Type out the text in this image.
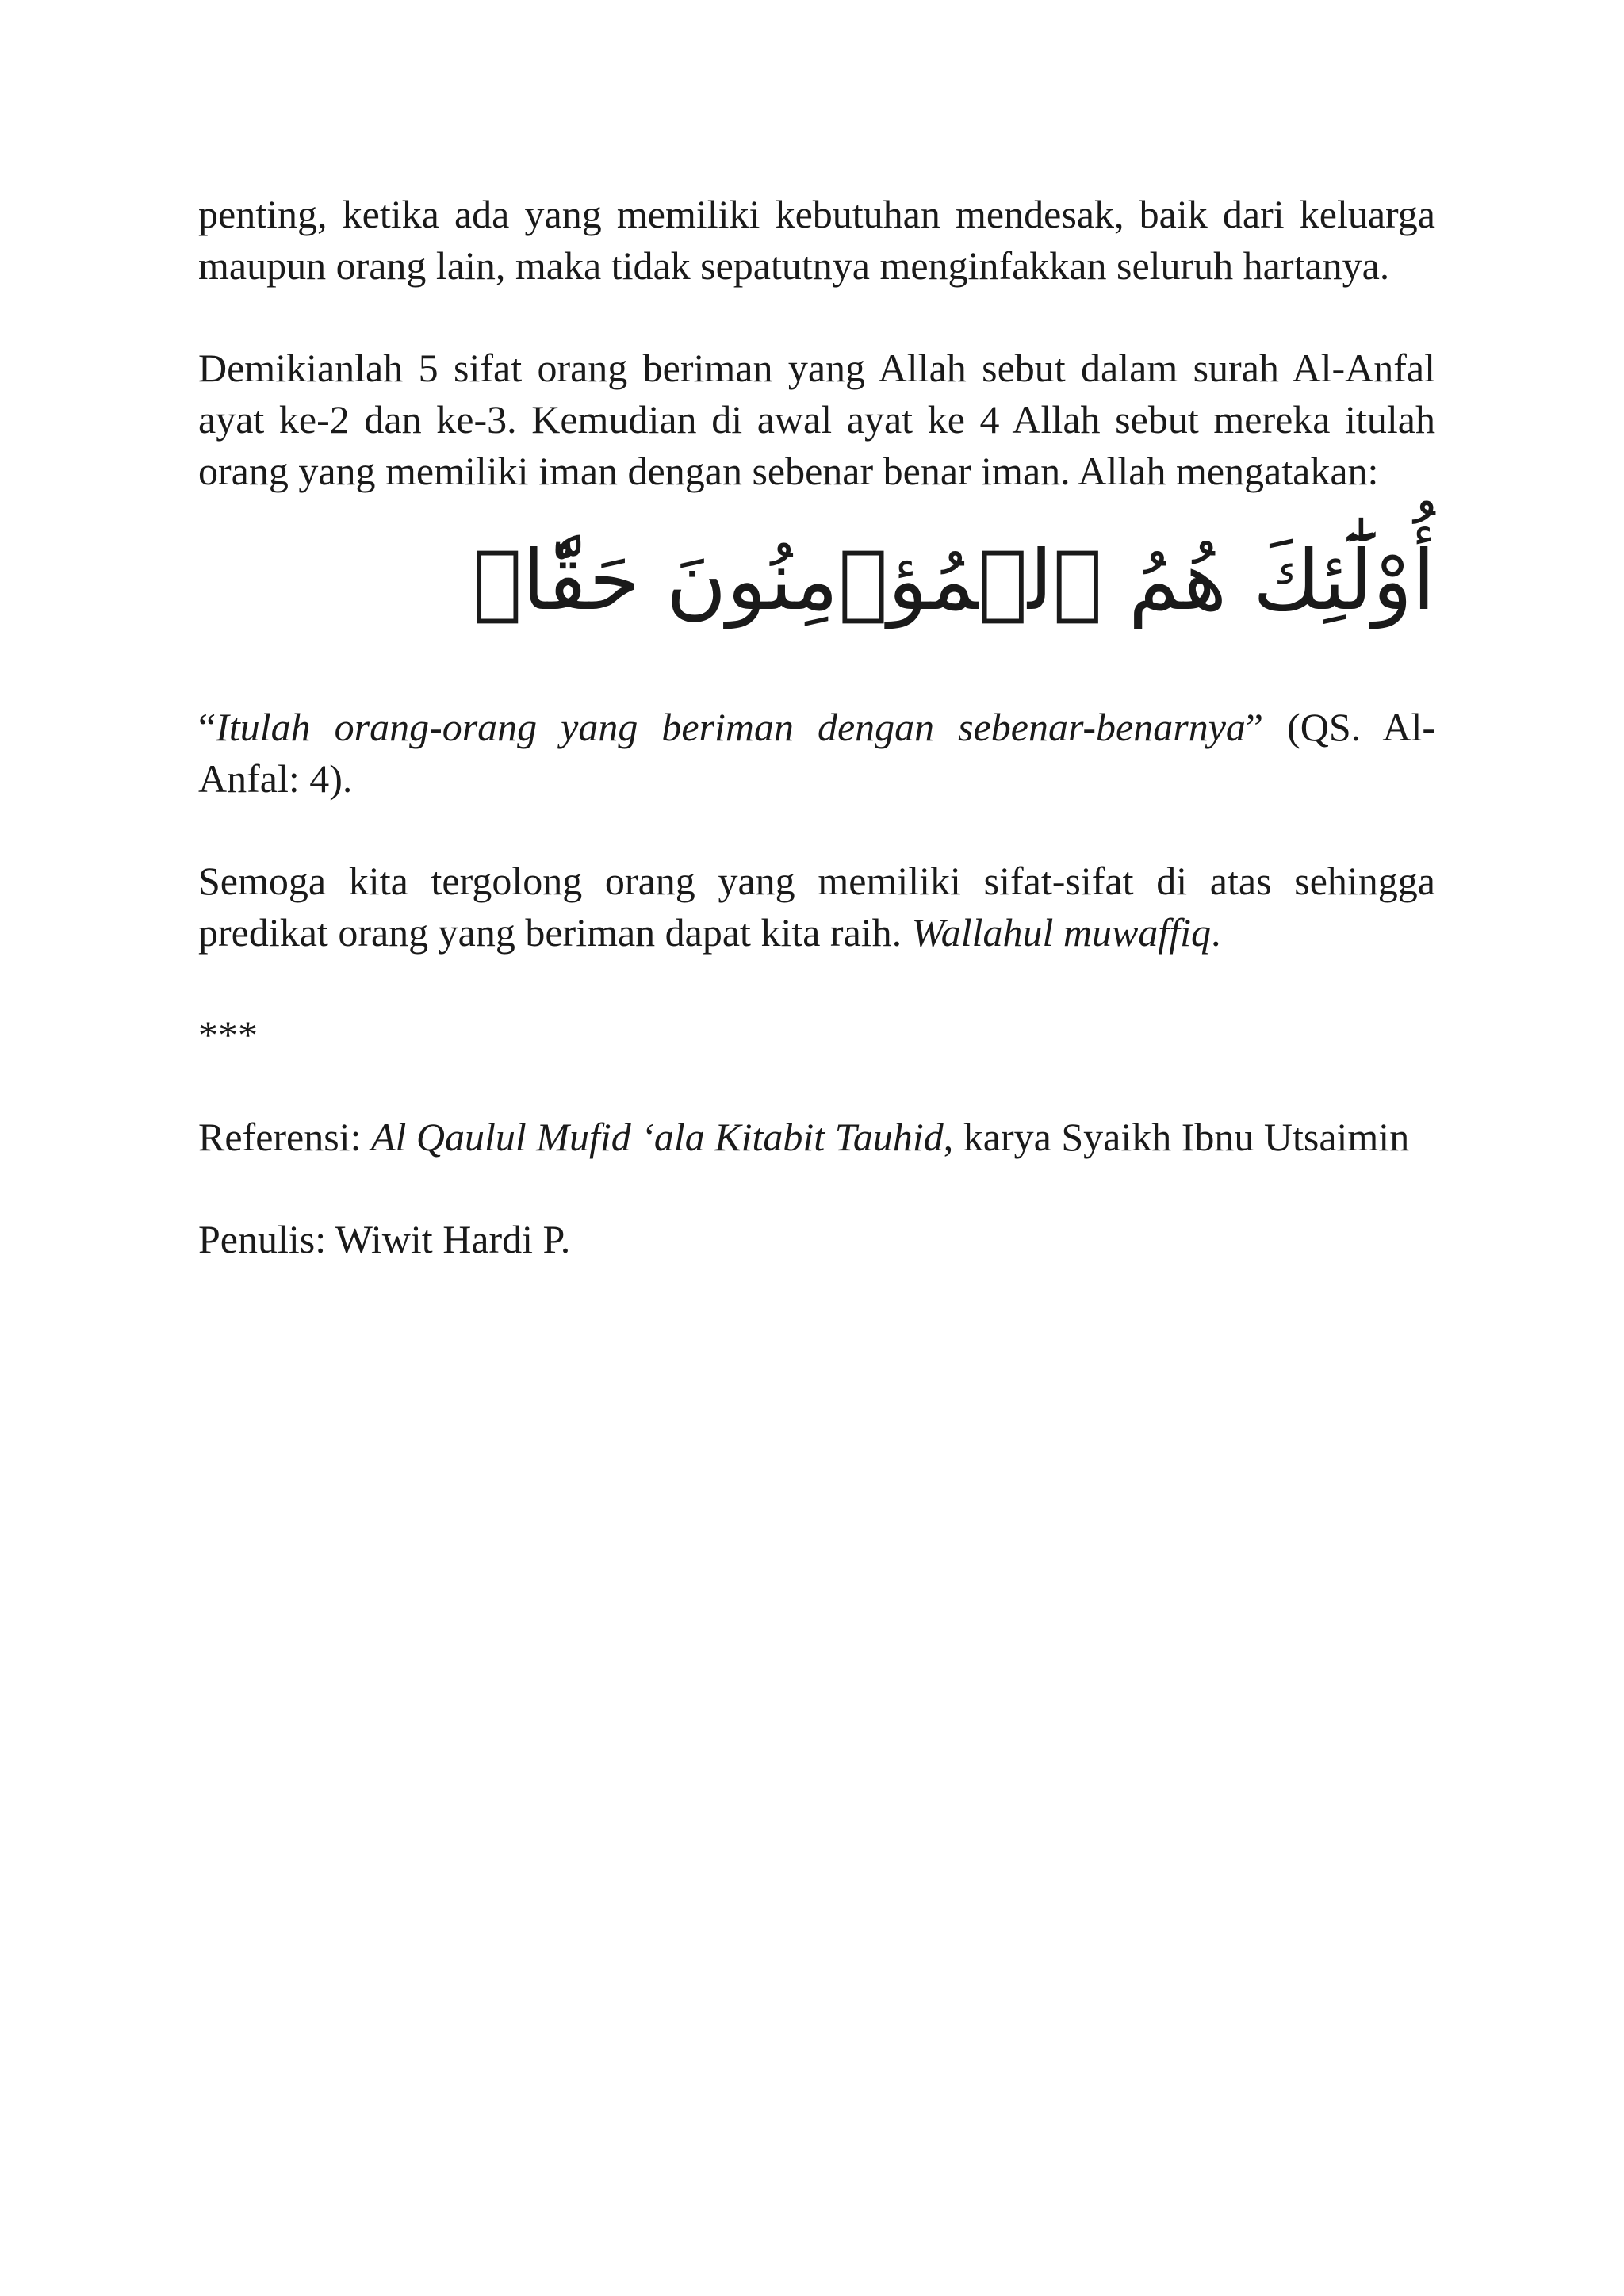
penting, ketika ada yang memiliki kebutuhan mendesak, baik dari keluarga maupun orang lain, maka tidak sepatutnya menginfakkan seluruh hartanya.

Demikianlah 5 sifat orang beriman yang Allah sebut dalam surah Al-Anfal ayat ke-2 dan ke-3. Kemudian di awal ayat ke 4 Allah sebut mereka itulah orang yang memiliki iman dengan sebenar benar iman. Allah mengatakan:

أُوْلَٰٓئِكَ هُمُ ٱلۡمُؤۡمِنُونَ حَقّٗاۚ

“Itulah orang-orang yang beriman dengan sebenar-benarnya” (QS. Al-Anfal: 4).

Semoga kita tergolong orang yang memiliki sifat-sifat di atas sehingga predikat orang yang beriman dapat kita raih. Wallahul muwaffiq.

***

Referensi: Al Qaulul Mufid ‘ala Kitabit Tauhid, karya Syaikh Ibnu Utsaimin

Penulis: Wiwit Hardi P.
